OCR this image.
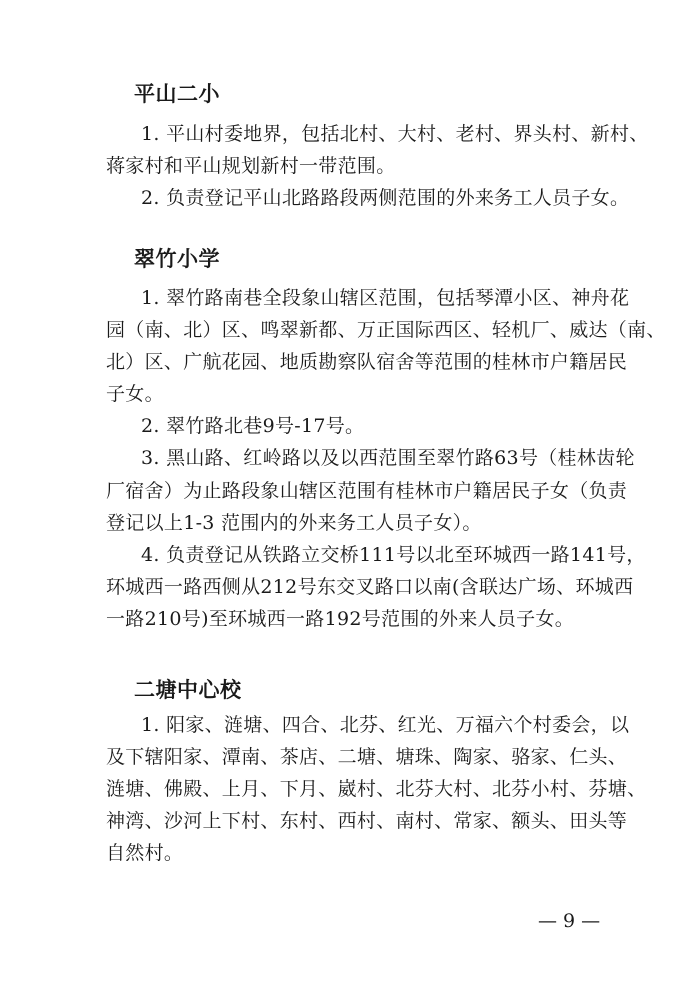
平山二小
1. 平山村委地界，包括北村、大村、老村、界头村、新村、
蒋家村和平山规划新村一带范围。
2. 负责登记平山北路路段两侧范围的外来务工人员子女。
翠竹小学
1. 翠竹路南巷全段象山辖区范围，包括琴潭小区、神舟花
园（南、北）区、鸣翠新都、万正国际西区、轻机厂、威达（南、
北）区、广航花园、地质勘察队宿舍等范围的桂林市户籍居民
子女。
2. 翠竹路北巷9号-17号。
3. 黑山路、红岭路以及以西范围至翠竹路63号（桂林齿轮
厂宿舍）为止路段象山辖区范围有桂林市户籍居民子女（负责
登记以上1-3 范围内的外来务工人员子女）。
4. 负责登记从铁路立交桥111号以北至环城西一路141号，
环城西一路西侧从212号东交叉路口以南(含联达广场、环城西
一路210号)至环城西一路192号范围的外来人员子女。
二塘中心校
1. 阳家、涟塘、四合、北芬、红光、万福六个村委会，以
及下辖阳家、潭南、茶店、二塘、塘珠、陶家、骆家、仁头、
涟塘、佛殿、上月、下月、崴村、北芬大村、北芬小村、芬塘、
神湾、沙河上下村、东村、西村、南村、常家、额头、田头等
自然村。
— 9 —
